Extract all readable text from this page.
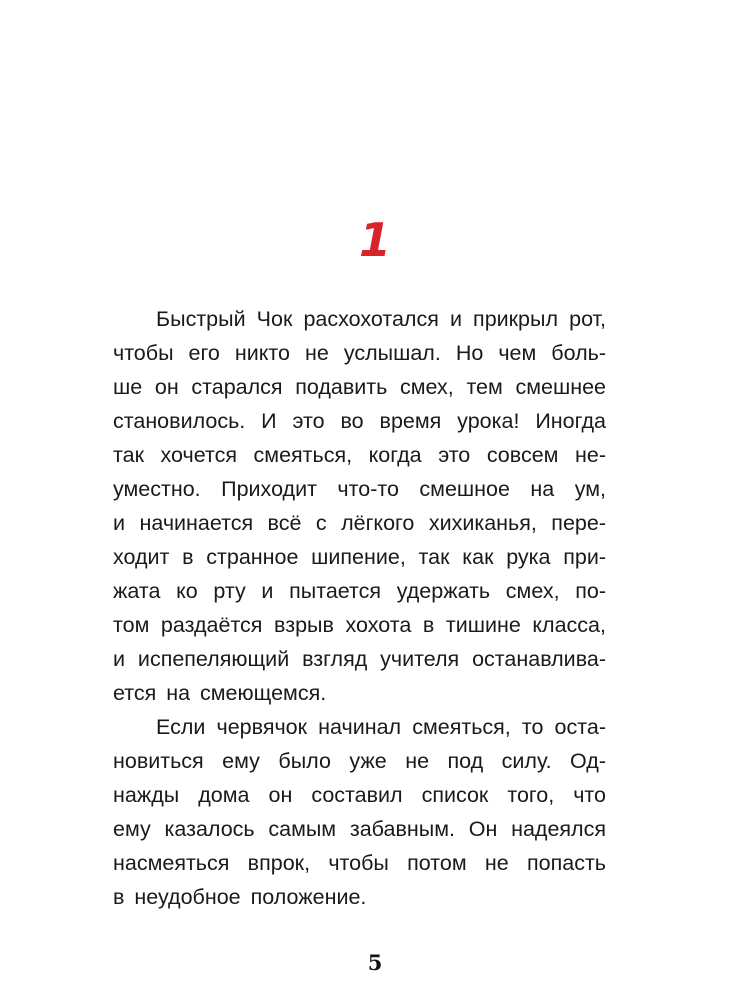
1
Быстрый Чок расхохотался и прикрыл рот,
чтобы его никто не услышал. Но чем боль-
ше он старался подавить смех, тем смешнее
становилось. И это во время урока! Иногда
так хочется смеяться, когда это совсем не-
уместно. Приходит что-то смешное на ум,
и начинается всё с лёгкого хихиканья, пере-
ходит в странное шипение, так как рука при-
жата ко рту и пытается удержать смех, по-
том раздаётся взрыв хохота в тишине класса,
и испепеляющий взгляд учителя останавлива-
ется на смеющемся.
Если червячок начинал смеяться, то оста-
новиться ему было уже не под силу. Од-
нажды дома он составил список того, что
ему казалось самым забавным. Он надеялся
насмеяться впрок, чтобы потом не попасть
в неудобное положение.
5
